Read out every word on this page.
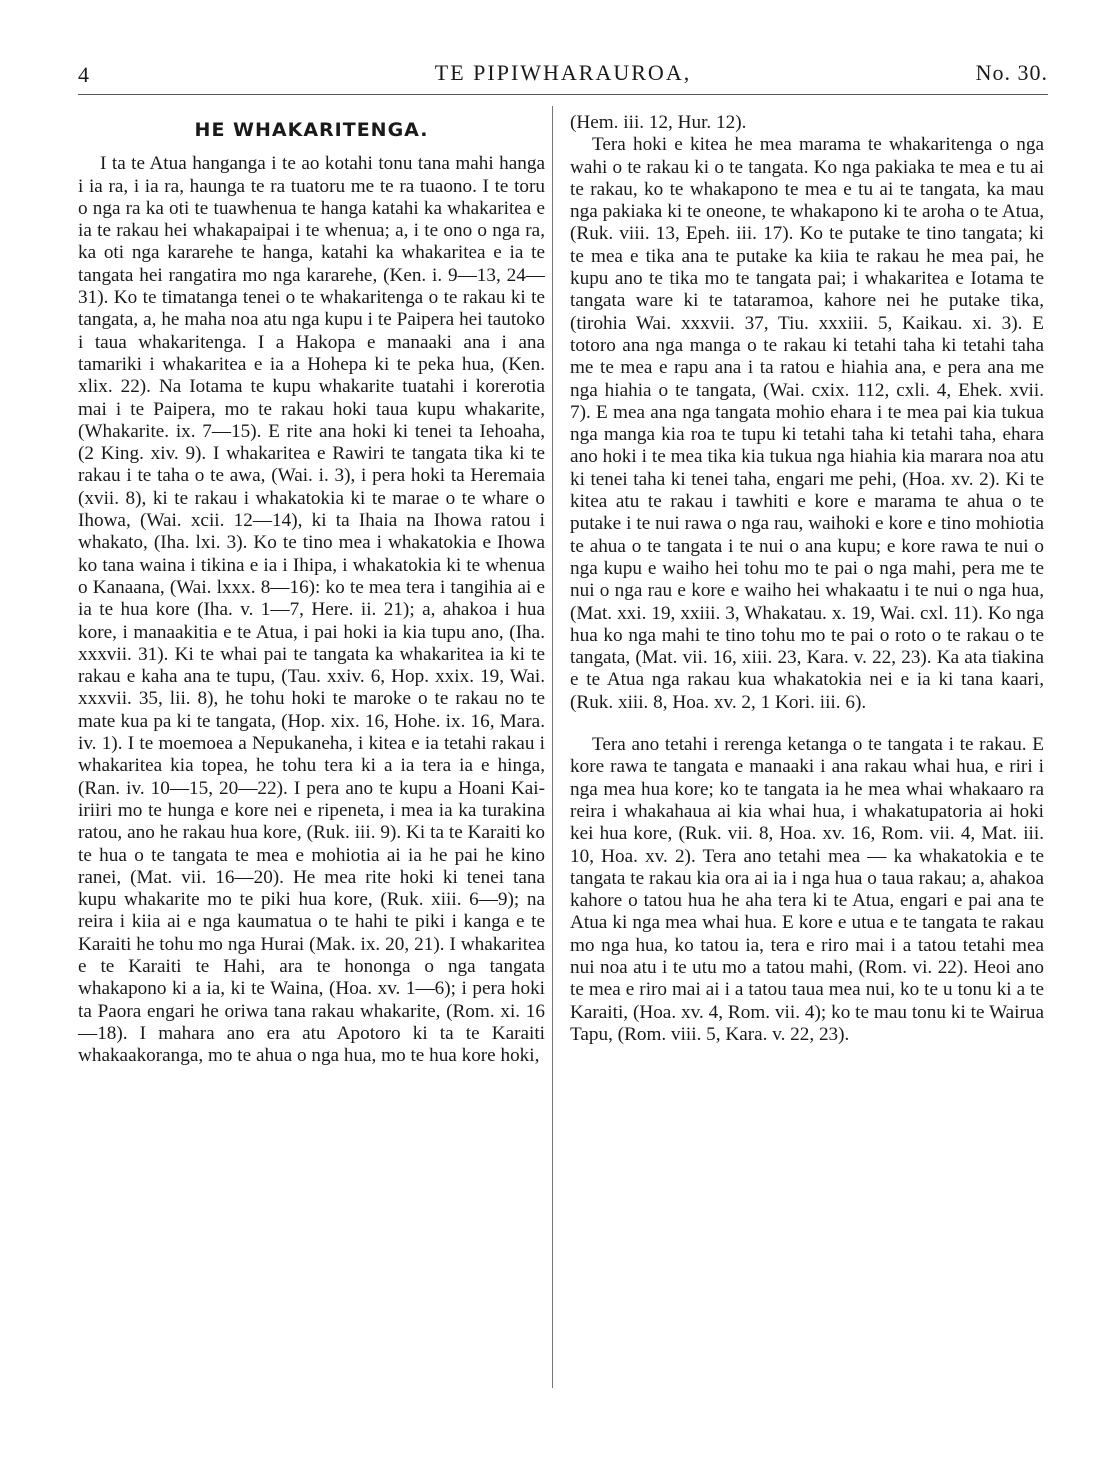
4	TE PIPIWHARAUROA,	No. 30.
HE WHAKARITENGA.

I ta te Atua hanganga i te ao kotahi tonu tana mahi hanga i ia ra, i ia ra, haunga te ra tuatoru me te ra tuaono. I te toru o nga ra ka oti te tuawhenua te hanga katahi ka whakaritea e ia te rakau hei whakapaipai i te whenua; a, i te ono o nga ra, ka oti nga kararehe te hanga, katahi ka whakaritea e ia te tangata hei rangatira mo nga kararehe, (Ken. i. 9—13, 24—31). Ko te timatanga tenei o te whakaritenga o te rakau ki te tangata, a, he maha noa atu nga kupu i te Paipera hei tautoko i taua whakaritenga. I a Hakopa e manaaki ana i ana tamariki i whakaritea e ia a Hohepa ki te peka hua, (Ken. xlix. 22). Na Iotama te kupu whakarite tuatahi i korerotia mai i te Paipera, mo te rakau hoki taua kupu whakarite, (Whakarite. ix. 7—15). E rite ana hoki ki tenei ta Iehoaha, (2 King. xiv. 9). I whakaritea e Rawiri te tangata tika ki te rakau i te taha o te awa, (Wai. i. 3), i pera hoki ta Heremaia (xvii. 8), ki te rakau i whakatokia ki te marae o te whare o Ihowa, (Wai. xcii. 12—14), ki ta Ihaia na Ihowa ratou i whakato, (Iha. lxi. 3). Ko te tino mea i whakatokia e Ihowa ko tana waina i tikina e ia i Ihipa, i whakatokia ki te whenua o Kanaana, (Wai. lxxx. 8—16): ko te mea tera i tangihia ai e ia te hua kore (Iha. v. 1—7, Here. ii. 21); a, ahakoa i hua kore, i manaakitia e te Atua, i pai hoki ia kia tupu ano, (Iha. xxxvii. 31). Ki te whai pai te tangata ka whakaritea ia ki te rakau e kaha ana te tupu, (Tau. xxiv. 6, Hop. xxix. 19, Wai. xxxvii. 35, lii. 8), he tohu hoki te maroke o te rakau no te mate kua pa ki te tangata, (Hop. xix. 16, Hohe. ix. 16, Mara. iv. 1). I te moemoea a Nepukaneha, i kitea e ia tetahi rakau i whakaritea kia topea, he tohu tera ki a ia tera ia e hinga, (Ran. iv. 10—15, 20—22). I pera ano te kupu a Hoani Kai-iriiri mo te hunga e kore nei e ripeneta, i mea ia ka turakina ratou, ano he rakau hua kore, (Ruk. iii. 9). Ki ta te Karaiti ko te hua o te tangata te mea e mohiotia ai ia he pai he kino ranei, (Mat. vii. 16—20). He mea rite hoki ki tenei tana kupu whakarite mo te piki hua kore, (Ruk. xiii. 6—9); na reira i kiia ai e nga kaumatua o te hahi te piki i kanga e te Karaiti he tohu mo nga Hurai (Mak. ix. 20, 21). I whakaritea e te Karaiti te Hahi, ara te hononga o nga tangata whakapono ki a ia, ki te Waina, (Hoa. xv. 1—6); i pera hoki ta Paora engari he oriwa tana rakau whakarite, (Rom. xi. 16—18). I mahara ano era atu Apotoro ki ta te Karaiti whakaakoranga, mo te ahua o nga hua, mo te hua kore hoki,

(Hem. iii. 12, Hur. 12).

Tera hoki e kitea he mea marama te whakaritenga o nga wahi o te rakau ki o te tangata. Ko nga pakiaka te mea e tu ai te rakau, ko te whakapono te mea e tu ai te tangata, ka mau nga pakiaka ki te oneone, te whakapono ki te aroha o te Atua, (Ruk. viii. 13, Epeh. iii. 17). Ko te putake te tino tangata; ki te mea e tika ana te putake ka kiia te rakau he mea pai, he kupu ano te tika mo te tangata pai; i whakaritea e Iotama te tangata ware ki te tataramoa, kahore nei he putake tika, (tirohia Wai. xxxvii. 37, Tiu. xxxiii. 5, Kaikau. xi. 3). E totoro ana nga manga o te rakau ki tetahi taha ki tetahi taha me te mea e rapu ana i ta ratou e hiahia ana, e pera ana me nga hiahia o te tangata, (Wai. cxix. 112, cxli. 4, Ehek. xvii. 7). E mea ana nga tangata mohio ehara i te mea pai kia tukua nga manga kia roa te tupu ki tetahi taha ki tetahi taha, ehara ano hoki i te mea tika kia tukua nga hiahia kia marara noa atu ki tenei taha ki tenei taha, engari me pehi, (Hoa. xv. 2). Ki te kitea atu te rakau i tawhiti e kore e marama te ahua o te putake i te nui rawa o nga rau, waihoki e kore e tino mohiotia te ahua o te tangata i te nui o ana kupu; e kore rawa te nui o nga kupu e waiho hei tohu mo te pai o nga mahi, pera me te nui o nga rau e kore e waiho hei whakaatu i te nui o nga hua, (Mat. xxi. 19, xxiii. 3, Whakatau. x. 19, Wai. cxl. 11). Ko nga hua ko nga mahi te tino tohu mo te pai o roto o te rakau o te tangata, (Mat. vii. 16, xiii. 23, Kara. v. 22, 23). Ka ata tiakina e te Atua nga rakau kua whakatokia nei e ia ki tana kaari, (Ruk. xiii. 8, Hoa. xv. 2, 1 Kori. iii. 6).

Tera ano tetahi i rerenga ketanga o te tangata i te rakau. E kore rawa te tangata e manaaki i ana rakau whai hua, e riri i nga mea hua kore; ko te tangata ia he mea whai whakaaro ra reira i whakahaua ai kia whai hua, i whakatupatoria ai hoki kei hua kore, (Ruk. vii. 8, Hoa. xv. 16, Rom. vii. 4, Mat. iii. 10, Hoa. xv. 2). Tera ano tetahi mea — ka whakatokia e te tangata te rakau kia ora ai ia i nga hua o taua rakau; a, ahakoa kahore o tatou hua he aha tera ki te Atua, engari e pai ana te Atua ki nga mea whai hua. E kore e utua e te tangata te rakau mo nga hua, ko tatou ia, tera e riro mai i a tatou tetahi mea nui noa atu i te utu mo a tatou mahi, (Rom. vi. 22). Heoi ano te mea e riro mai ai i a tatou taua mea nui, ko te u tonu ki a te Karaiti, (Hoa. xv. 4, Rom. vii. 4); ko te mau tonu ki te Wairua Tapu, (Rom. viii. 5, Kara. v. 22, 23).
